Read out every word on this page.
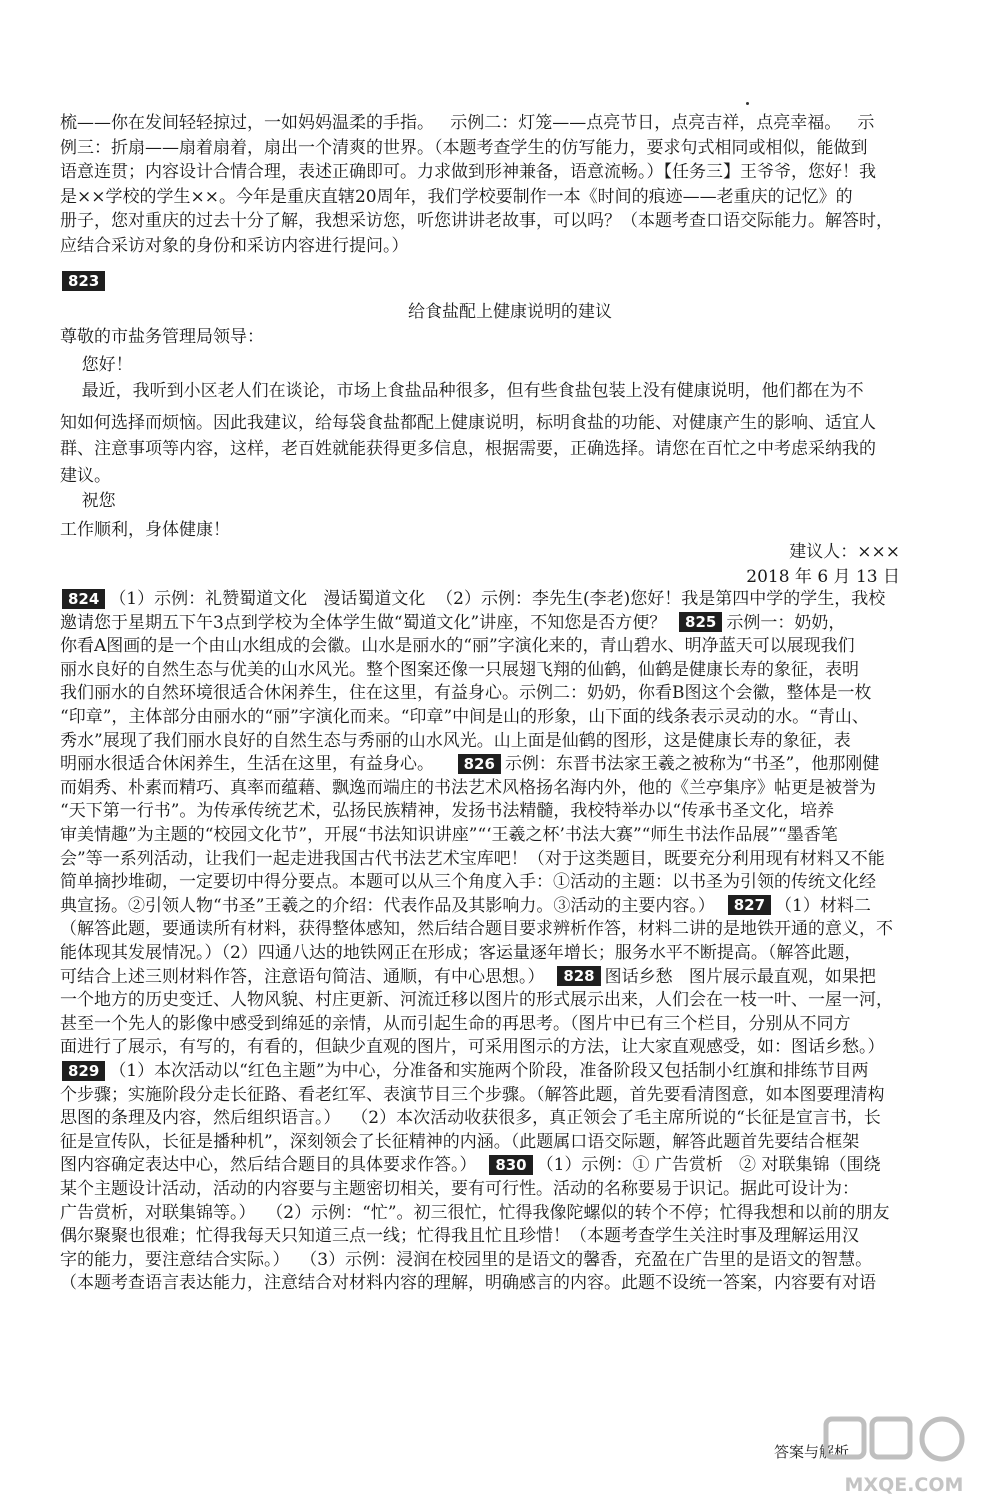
梳——你在发间轻轻掠过，一如妈妈温柔的手指。   示例二：灯笼——点亮节日，点亮吉祥，点亮幸福。   示
例三：折扇——扇着扇着，扇出一个清爽的世界。（本题考查学生的仿写能力，要求句式相同或相似，能做到
语意连贯；内容设计合情合理，表述正确即可。力求做到形神兼备，语意流畅。）【任务三】王爷爷，您好！我
是××学校的学生××。今年是重庆直辖20周年，我们学校要制作一本《时间的痕迹——老重庆的记忆》的
册子，您对重庆的过去十分了解，我想采访您，听您讲讲老故事，可以吗？（本题考查口语交际能力。解答时，
应结合采访对象的身份和采访内容进行提问。）
823
尊敬的市盐务管理局领导：
您好！
最近，我听到小区老人们在谈论，市场上食盐品种很多，但有些食盐包装上没有健康说明，他们都在为不
知如何选择而烦恼。因此我建议，给每袋食盐都配上健康说明，标明食盐的功能、对健康产生的影响、适宜人
群、注意事项等内容，这样，老百姓就能获得更多信息，根据需要，正确选择。请您在百忙之中考虑采纳我的
建议。
祝您
工作顺利，身体健康！
824 （1）示例：礼赞蜀道文化   漫话蜀道文化  （2）示例：李先生(李老)您好！我是第四中学的学生，我校
邀请您于星期五下午3点到学校为全体学生做“蜀道文化”讲座，不知您是否方便？  825 示例一：奶奶，
你看A图画的是一个由山水组成的会徽。山水是丽水的“丽”字演化来的，青山碧水、明净蓝天可以展现我们
丽水良好的自然生态与优美的山水风光。整个图案还像一只展翅飞翔的仙鹤，仙鹤是健康长寿的象征，表明
我们丽水的自然环境很适合休闲养生，住在这里，有益身心。示例二：奶奶，你看B图这个会徽，整体是一枚
“印章”，主体部分由丽水的“丽”字演化而来。“印章”中间是山的形象，山下面的线条表示灵动的水。“青山、
秀水”展现了我们丽水良好的自然生态与秀丽的山水风光。山上面是仙鹤的图形，这是健康长寿的象征，表
明丽水很适合休闲养生，生活在这里，有益身心。    826 示例：东晋书法家王羲之被称为“书圣”，他那刚健
而娟秀、朴素而精巧、真率而蕴藉、飘逸而端庄的书法艺术风格扬名海内外，他的《兰亭集序》帖更是被誉为
“天下第一行书”。为传承传统艺术，弘扬民族精神，发扬书法精髓，我校特举办以“传承书圣文化，培养
审美情趣”为主题的“校园文化节”，开展“书法知识讲座”“‘王羲之杯’书法大赛”“师生书法作品展”“墨香笔
会”等一系列活动，让我们一起走进我国古代书法艺术宝库吧！（对于这类题目，既要充分利用现有材料又不能
简单摘抄堆砌，一定要切中得分要点。本题可以从三个角度入手：①活动的主题：以书圣为引领的传统文化经
典宣扬。②引领人物“书圣”王羲之的介绍：代表作品及其影响力。③活动的主要内容。）  827 （1）材料二
（解答此题，要通读所有材料，获得整体感知，然后结合题目要求辨析作答，材料二讲的是地铁开通的意义，不
能体现其发展情况。）（2）四通八达的地铁网正在形成；客运量逐年增长；服务水平不断提高。（解答此题，
可结合上述三则材料作答，注意语句简洁、通顺，有中心思想。）  828 图话乡愁   图片展示最直观，如果把
一个地方的历史变迁、人物风貌、村庄更新、河流迁移以图片的形式展示出来，人们会在一枝一叶、一屋一河，
甚至一个先人的影像中感受到绵延的亲情，从而引起生命的再思考。（图片中已有三个栏目，分别从不同方
面进行了展示，有写的，有看的，但缺少直观的图片，可采用图示的方法，让大家直观感受，如：图话乡愁。）
829 （1）本次活动以“红色主题”为中心，分准备和实施两个阶段，准备阶段又包括制小红旗和排练节目两
个步骤；实施阶段分走长征路、看老红军、表演节目三个步骤。（解答此题，首先要看清图意，如本图要理清构
思图的条理及内容，然后组织语言。）  （2）本次活动收获很多，真正领会了毛主席所说的“长征是宣言书，长
征是宣传队，长征是播种机”，深刻领会了长征精神的内涵。（此题属口语交际题，解答此题首先要结合框架
图内容确定表达中心，然后结合题目的具体要求作答。）  830 （1）示例：① 广告赏析   ② 对联集锦（围绕
某个主题设计活动，活动的内容要与主题密切相关，要有可行性。活动的名称要易于识记。据此可设计为：
广告赏析，对联集锦等。）  （2）示例：“忙”。初三很忙，忙得我像陀螺似的转个不停；忙得我想和以前的朋友
偶尔聚聚也很难；忙得我每天只知道三点一线；忙得我且忙且珍惜！（本题考查学生关注时事及理解运用汉
字的能力，要注意结合实际。）  （3）示例：浸润在校园里的是语文的馨香，充盈在广告里的是语文的智慧。
（本题考查语言表达能力，注意结合对材料内容的理解，明确感言的内容。此题不设统一答案，内容要有对语
给食盐配上健康说明的建议
建议人：×××
2018 年 6 月 13 日
答案与解析
MXQE.COM
